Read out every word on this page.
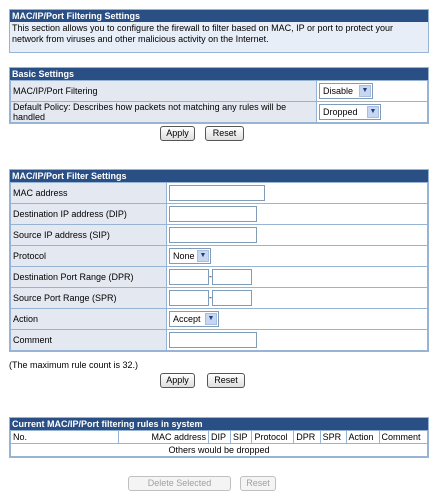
MAC/IP/Port Filtering Settings
This section allows you to configure the firewall to filter based on MAC, IP or port to protect your network from viruses and other malicious activity on the Internet.
Basic Settings
MAC/IP/Port Filtering	Disable ▼

Default Policy: Describes how packets not matching any rules will be handled	Dropped ▼
Apply	Reset
MAC/IP/Port Filter Settings
MAC address	
Destination IP address (DIP)	
Source IP address (SIP)	
Protocol	None ▼

Destination Port Range (DPR)	-
Source Port Range (SPR)	-
Action	Accept ▼

Comment	
(The maximum rule count is 32.)
Apply	Reset
Current MAC/IP/Port filtering rules in system
No.	MAC address	DIP	SIP	Protocol	DPR	SPR	Action	Comment
Others would be dropped
Delete Selected	Reset
